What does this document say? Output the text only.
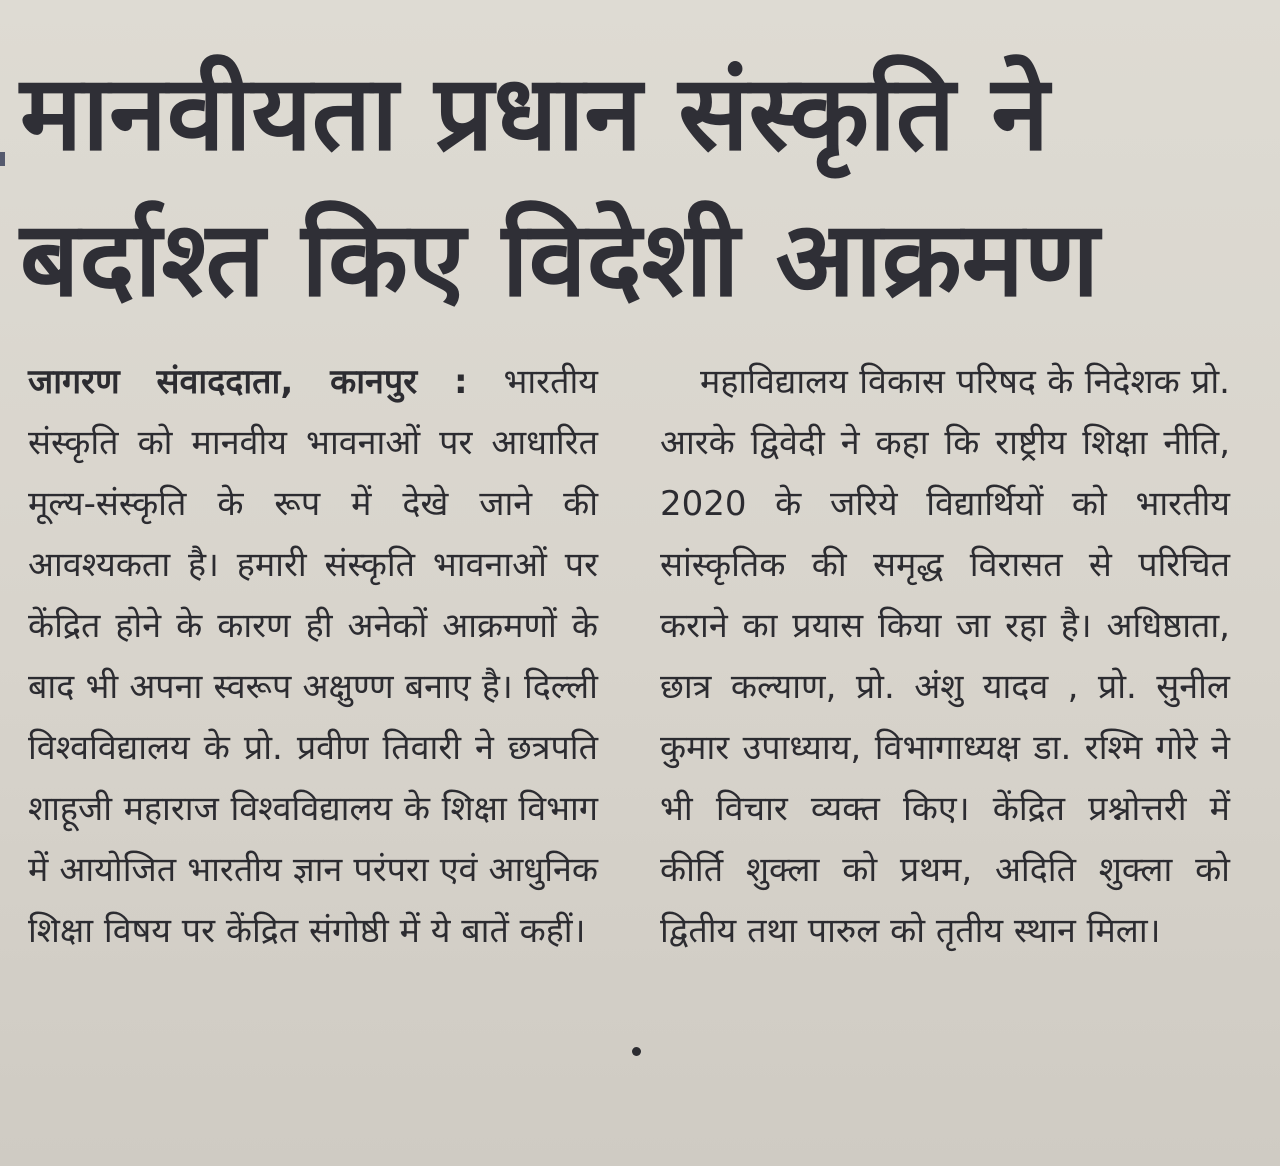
मानवीयता प्रधान संस्कृति ने
बर्दाश्त किए विदेशी आक्रमण

जागरण संवाददाता, कानपुर : भारतीय संस्कृति को मानवीय भावनाओं पर आधारित मूल्य-संस्कृति के रूप में देखे जाने की आवश्यकता है। हमारी संस्कृति भावनाओं पर केंद्रित होने के कारण ही अनेकों आक्रमणों के बाद भी अपना स्वरूप अक्षुण्ण बनाए है। दिल्ली विश्वविद्यालय के प्रो. प्रवीण तिवारी ने छत्रपति शाहूजी महाराज विश्वविद्यालय के शिक्षा विभाग में आयोजित भारतीय ज्ञान परंपरा एवं आधुनिक शिक्षा विषय पर केंद्रित संगोष्ठी में ये बातें कहीं।

महाविद्यालय विकास परिषद के निदेशक प्रो. आरके द्विवेदी ने कहा कि राष्ट्रीय शिक्षा नीति, 2020 के जरिये विद्यार्थियों को भारतीय सांस्कृतिक की समृद्ध विरासत से परिचित कराने का प्रयास किया जा रहा है। अधिष्ठाता, छात्र कल्याण, प्रो. अंशु यादव , प्रो. सुनील कुमार उपाध्याय, विभागाध्यक्ष डा. रश्मि गोरे ने भी विचार व्यक्त किए। केंद्रित प्रश्नोत्तरी में कीर्ति शुक्ला को प्रथम, अदिति शुक्ला को द्वितीय तथा पारुल को तृतीय स्थान मिला।
